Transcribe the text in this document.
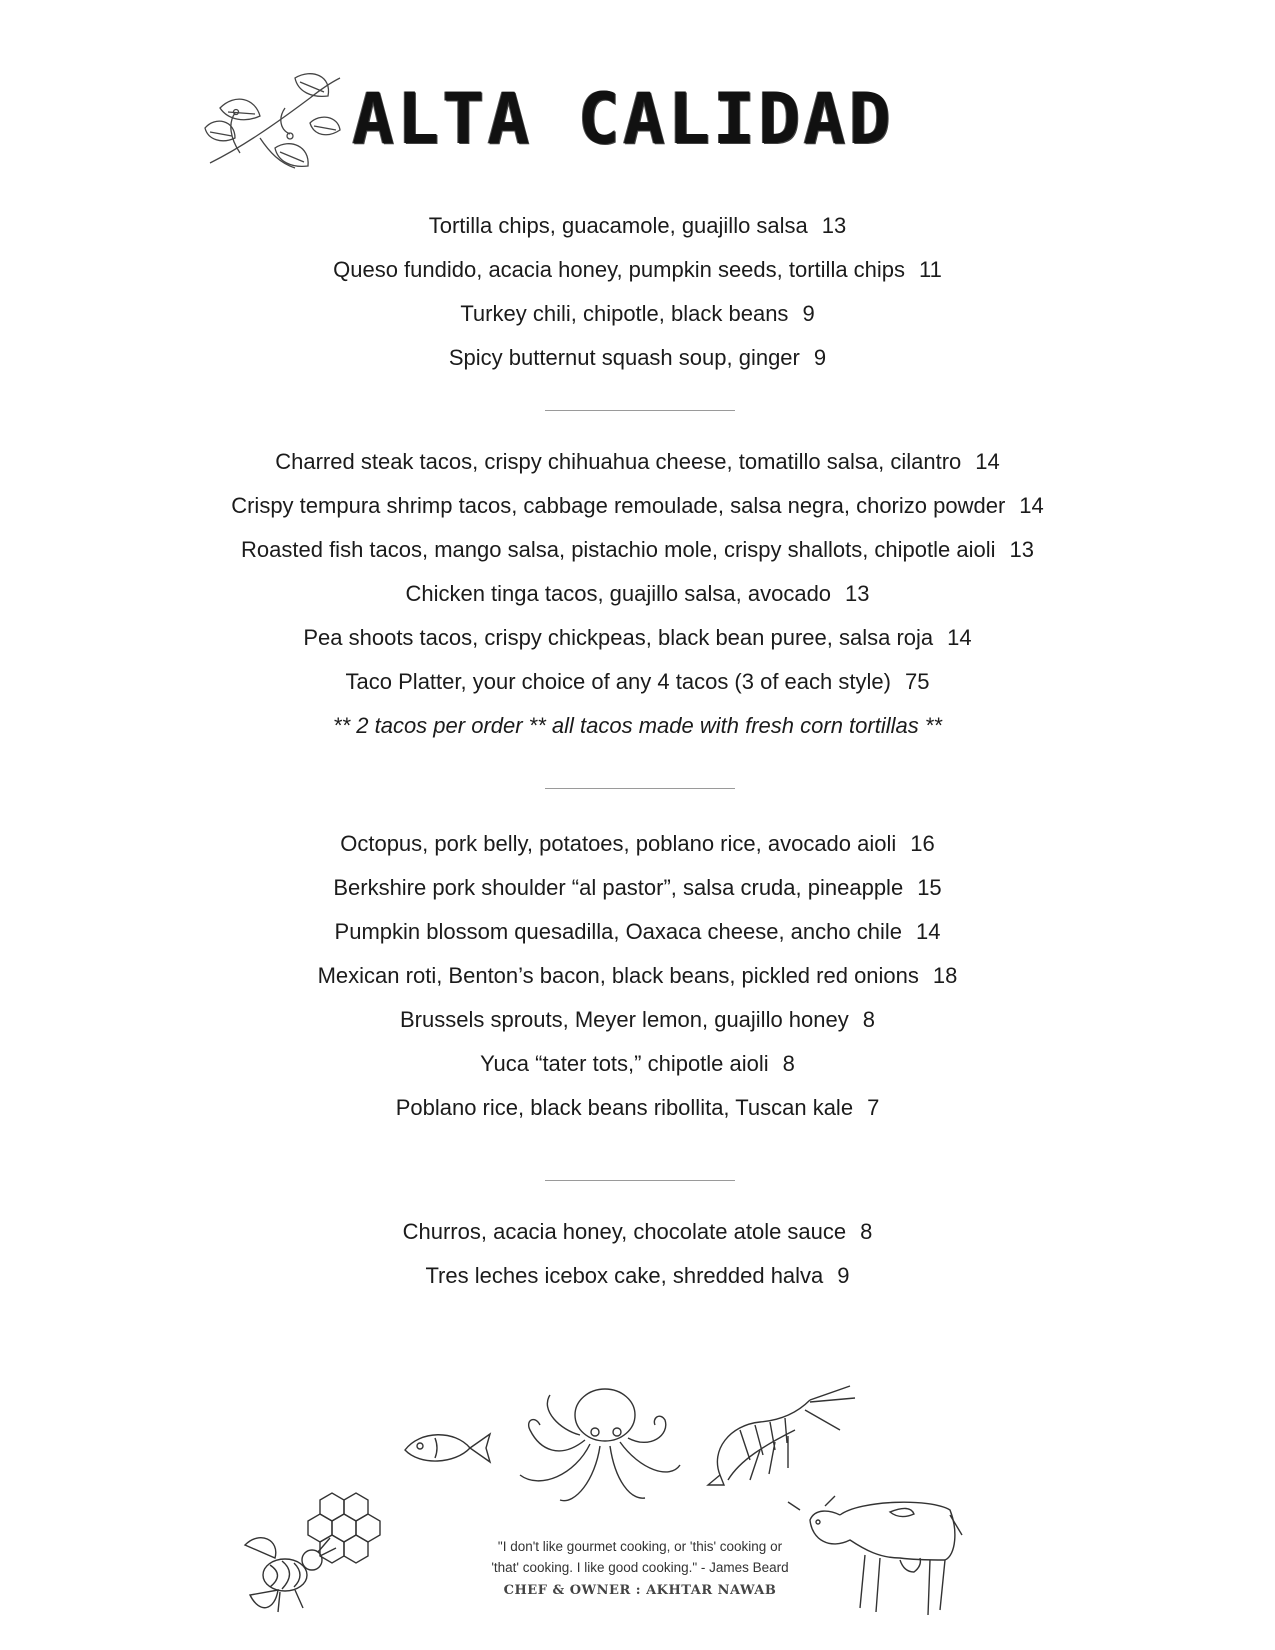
ALTA CALIDAD
Tortilla chips, guacamole, guajillo salsa 13
Queso fundido, acacia honey, pumpkin seeds, tortilla chips 11
Turkey chili, chipotle, black beans 9
Spicy butternut squash soup, ginger 9
Charred steak tacos, crispy chihuahua cheese, tomatillo salsa, cilantro 14
Crispy tempura shrimp tacos, cabbage remoulade, salsa negra, chorizo powder 14
Roasted fish tacos, mango salsa, pistachio mole, crispy shallots, chipotle aioli 13
Chicken tinga tacos, guajillo salsa, avocado 13
Pea shoots tacos, crispy chickpeas, black bean puree, salsa roja 14
Taco Platter, your choice of any 4 tacos (3 of each style) 75
** 2 tacos per order ** all tacos made with fresh corn tortillas **
Octopus, pork belly, potatoes, poblano rice, avocado aioli 16
Berkshire pork shoulder “al pastor”, salsa cruda, pineapple 15
Pumpkin blossom quesadilla, Oaxaca cheese, ancho chile 14
Mexican roti, Benton’s bacon, black beans, pickled red onions 18
Brussels sprouts, Meyer lemon, guajillo honey 8
Yuca “tater tots,” chipotle aioli 8
Poblano rice, black beans ribollita, Tuscan kale 7
Churros, acacia honey, chocolate atole sauce 8
Tres leches icebox cake, shredded halva 9
"I don't like gourmet cooking, or 'this' cooking or
'that' cooking. I like good cooking." - James Beard
CHEF & OWNER : AKHTAR NAWAB
